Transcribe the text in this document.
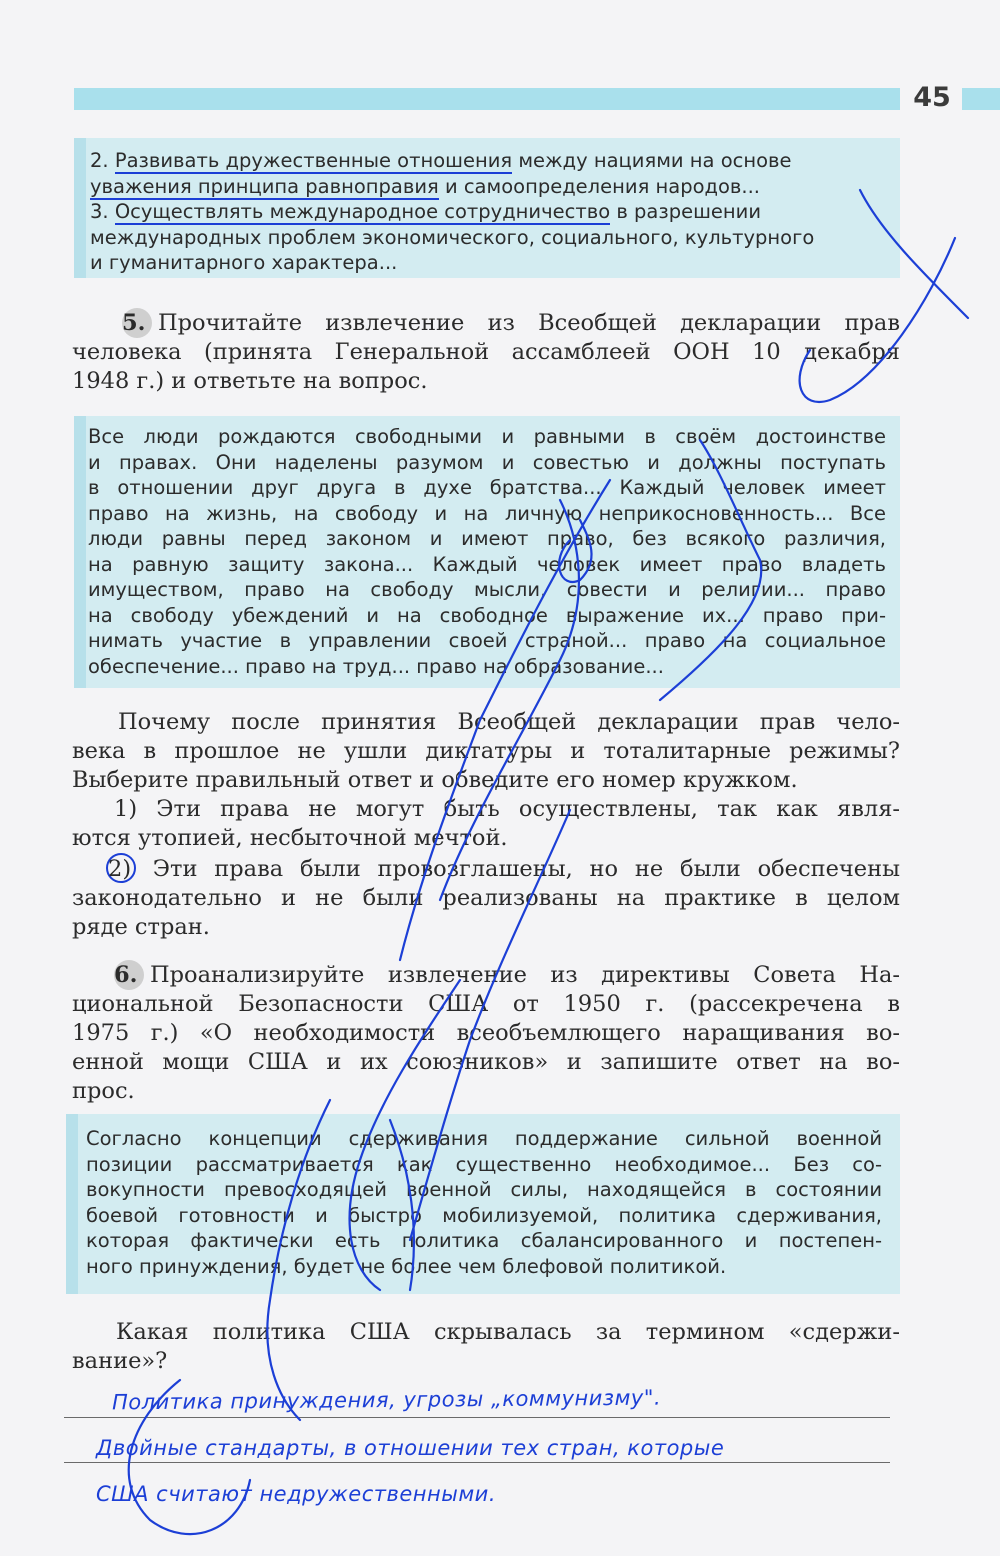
45
2. Развивать дружественные отношения между нациями на основе
уважения принципа равноправия и самоопределения народов...
3. Осуществлять международное сотрудничество в разрешении
международных проблем экономического, социального, культурного
и гуманитарного характера...
5. Прочитайте извлечение из Всеобщей декларации прав
человека (принята Генеральной ассамблеей ООН 10 декабря
1948 г.) и ответьте на вопрос.
Все люди рождаются свободными и равными в своём достоинстве
и правах. Они наделены разумом и совестью и должны поступать
в отношении друг друга в духе братства... Каждый человек имеет
право на жизнь, на свободу и на личную неприкосновенность... Все
люди равны перед законом и имеют право, без всякого различия,
на равную защиту закона... Каждый человек имеет право владеть
имуществом, право на свободу мысли, совести и религии... право
на свободу убеждений и на свободное выражение их... право при-
нимать участие в управлении своей страной... право на социальное
обеспечение... право на труд... право на образование...
Почему после принятия Всеобщей декларации прав чело-
века в прошлое не ушли диктатуры и тоталитарные режимы?
Выберите правильный ответ и обведите его номер кружком.
1) Эти права не могут быть осуществлены, так как явля-
ются утопией, несбыточной мечтой.
2) Эти права были провозглашены, но не были обеспечены
законодательно и не были реализованы на практике в целом
ряде стран.
6. Проанализируйте извлечение из директивы Совета На-
циональной Безопасности США от 1950 г. (рассекречена в
1975 г.) «О необходимости всеобъемлющего наращивания во-
енной мощи США и их союзников» и запишите ответ на во-
прос.
Согласно концепции сдерживания поддержание сильной военной
позиции рассматривается как существенно необходимое... Без со-
вокупности превосходящей военной силы, находящейся в состоянии
боевой готовности и быстро мобилизуемой, политика сдерживания,
которая фактически есть политика сбалансированного и постепен-
ного принуждения, будет не более чем блефовой политикой.
Какая политика США скрывалась за термином «сдержи-
вание»?
Политика принуждения, угрозы „коммунизму".
Двойные стандарты, в отношении тех стран, которые
США считают недружественными.
